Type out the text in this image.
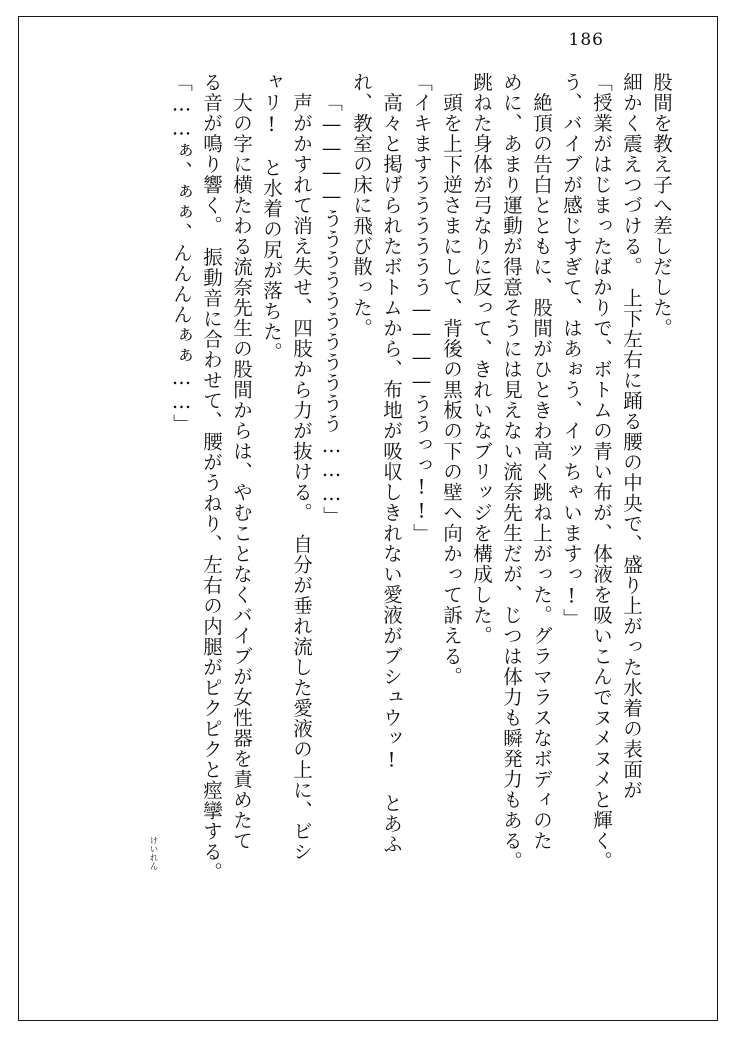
186
股間を教え子へ差しだした。
細かく震えつづける。　上下左右に踊る腰の中央で、盛り上がった水着の表面が
「授業がはじまったばかりで、ボトムの青い布が、体液を吸いこんでヌメヌメと輝く。
う、バイブが感じすぎて、はあぉう、イッちゃいますっ!」
　絶頂の告白とともに、股間がひときわ高く跳ね上がった。グラマラスなボディのた
めに、あまり運動が得意そうには見えない流奈先生だが、じつは体力も瞬発力もある。
跳ねた身体が弓なりに反って、きれいなブリッジを構成した。
　頭を上下逆さまにして、背後の黒板の下の壁へ向かって訴える。
「イキますうううううう————ううっっ!!」
　高々と掲げられたボトムから、布地が吸収しきれない愛液がブシュウッ!　とあふ
れ、教室の床に飛び散った。
「————ううううううううううう………」
　声がかすれて消え失せ、四肢から力が抜ける。　自分が垂れ流した愛液の上に、ビシ
ャリ!　と水着の尻が落ちた。
　大の字に横たわる流奈先生の股間からは、やむことなくバイブが女性器を責めたて
る音が鳴り響く。　振動音に合わせて、腰がうねり、左右の内腿がピクピクと痙攣する。
「……ぁ、ぁぁ、んんんんぁぁ……」
けいれん
